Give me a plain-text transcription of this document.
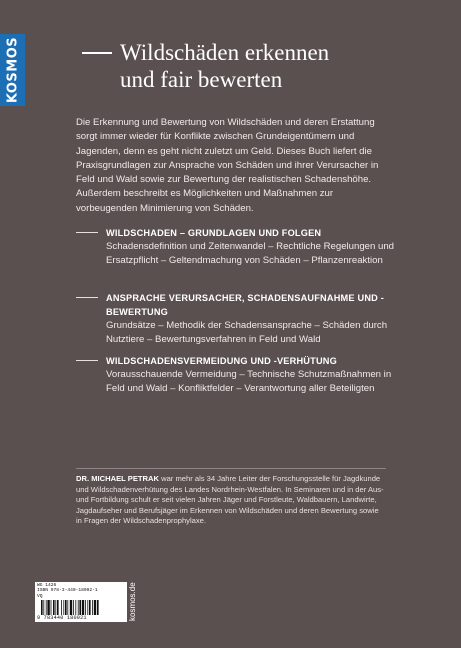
KOSMOS	Wildschäden erkennen
und fair bewerten

Die Erkennung und Bewertung von Wildschäden und deren Erstattung sorgt immer wieder für Konflikte zwischen Grundeigentümern und Jagenden, denn es geht nicht zuletzt um Geld. Dieses Buch liefert die Praxisgrundlagen zur Ansprache von Schäden und ihrer Verursacher in Feld und Wald sowie zur Bewertung der realistischen Schadenshöhe. Außerdem beschreibt es Möglichkeiten und Maßnahmen zur vorbeugenden Minimierung von Schäden.

WILDSCHADEN – GRUNDLAGEN UND FOLGEN
Schadensdefinition und Zeitenwandel – Rechtliche Regelungen und Ersatzpflicht – Geltendmachung von Schäden – Pflanzenreaktion
ANSPRACHE VERURSACHER, SCHADENSAUFNAHME UND -BEWERTUNG
Grundsätze – Methodik der Schadensansprache – Schäden durch Nutztiere – Bewertungsverfahren in Feld und Wald
WILDSCHADENSVERMEIDUNG UND -VERHÜTUNG
Vorausschauende Vermeidung – Technische Schutzmaßnahmen in Feld und Wald – Konfliktfelder – Verantwortung aller Beteiligten
DR. MICHAEL PETRAK war mehr als 34 Jahre Leiter der Forschungsstelle für Jagdkunde und Wildschadenverhütung des Landes Nordrhein-Westfalen. In Seminaren und in der Aus- und Fortbildung schult er seit vielen Jahren Jäger und Forstleute, Waldbauern, Landwirte, Jagdaufseher und Berufsjäger im Erkennen von Wildschäden und deren Bewertung sowie in Fragen der Wildschadenprophylaxe.
WG 1426
ISBN 978-3-440-18092-1
VQ
9 783440 180921	kosmos.de
